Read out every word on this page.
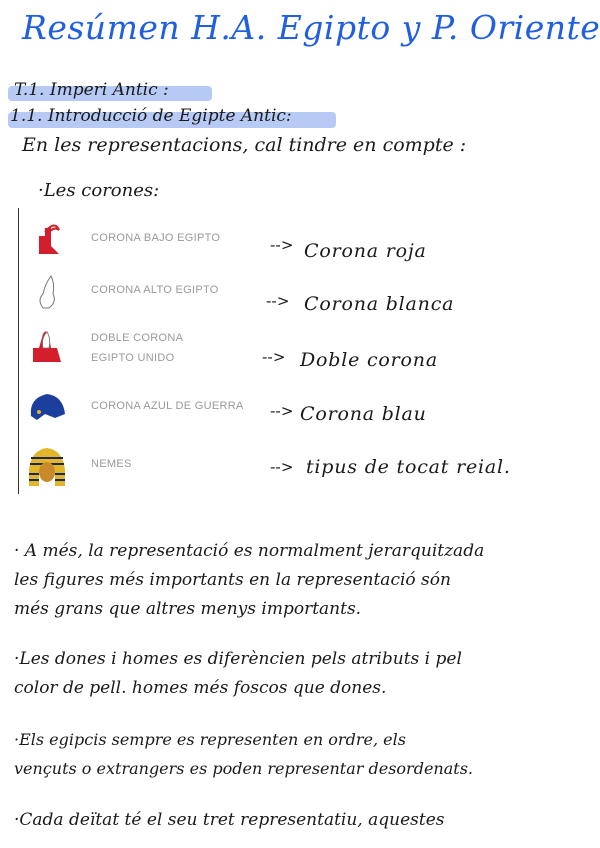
Resúmen H.A. Egipto y P. Oriente
T.1. Imperi Antic :
1.1. Introducció de Egipte Antic:
En les representacions, cal tindre en compte :
·Les corones:
CORONA BAJO EGIPTO
CORONA ALTO EGIPTO
DOBLE CORONA EGIPTO UNIDO
CORONA AZUL DE GUERRA
NEMES
--> Corona roja
--> Corona blanca
--> Doble corona
--> Corona blau
--> tipus de tocat reial.
· A més, la representació es normalment jerarquitzada
les figures més importants en la representació són
més grans que altres menys importants.
·Les dones i homes es diferèncien pels atributs i pel
color de pell. homes més foscos que dones.
·Els egipcis sempre es representen en ordre, els
vençuts o extrangers es poden representar desordenats.
·Cada deïtat té el seu tret representatiu, aquestes
